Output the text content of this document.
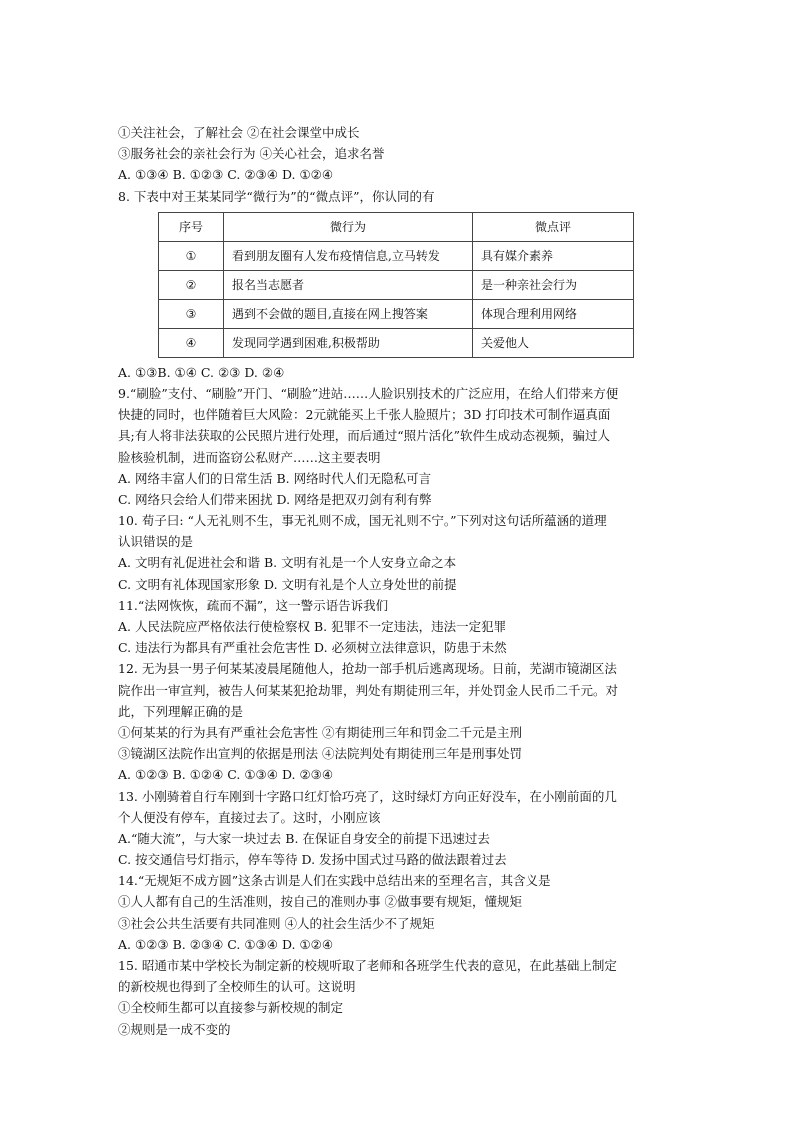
①关注社会，了解社会 ②在社会课堂中成长
③服务社会的亲社会行为 ④关心社会，追求名誉
A. ①③④ B. ①②③ C. ②③④ D. ①②④
8. 下表中对王某某同学“微行为”的“微点评”，你认同的有
序号	微行为	微点评
①	看到朋友圈有人发布疫情信息,立马转发	具有媒介素养
②	报名当志愿者	是一种亲社会行为
③	遇到不会做的题目,直接在网上搜答案	体现合理利用网络
④	发现同学遇到困难,积极帮助	关爱他人
A. ①③B. ①④ C. ②③ D. ②④
9.“刷脸”支付、“刷脸”开门、“刷脸”进站……人脸识别技术的广泛应用，在给人们带来方便
快捷的同时，也伴随着巨大风险：2元就能买上千张人脸照片；3D 打印技术可制作逼真面
具;有人将非法获取的公民照片进行处理，而后通过“照片活化”软件生成动态视频，骗过人
脸核验机制，进而盗窃公私财产……这主要表明
A. 网络丰富人们的日常生活 B. 网络时代人们无隐私可言
C. 网络只会给人们带来困扰 D. 网络是把双刃剑有利有弊
10. 荀子曰: “人无礼则不生，事无礼则不成，国无礼则不宁。”下列对这句话所蕴涵的道理
认识错误的是
A. 文明有礼促进社会和谐 B. 文明有礼是一个人安身立命之本
C. 文明有礼体现国家形象 D. 文明有礼是个人立身处世的前提
11.“法网恢恢，疏而不漏”，这一警示语告诉我们
A. 人民法院应严格依法行使检察权 B. 犯罪不一定违法，违法一定犯罪
C. 违法行为都具有严重社会危害性 D. 必须树立法律意识，防患于未然
12. 无为县一男子何某某凌晨尾随他人，抢劫一部手机后逃离现场。日前，芜湖市镜湖区法
院作出一审宣判，被告人何某某犯抢劫罪，判处有期徒刑三年，并处罚金人民币二千元。对
此，下列理解正确的是
①何某某的行为具有严重社会危害性 ②有期徒刑三年和罚金二千元是主刑
③镜湖区法院作出宣判的依据是刑法 ④法院判处有期徒刑三年是刑事处罚
A. ①②③ B. ①②④ C. ①③④ D. ②③④
13. 小刚骑着自行车刚到十字路口红灯恰巧亮了，这时绿灯方向正好没车，在小刚前面的几
个人便没有停车，直接过去了。这时，小刚应该
A.“随大流”，与大家一块过去 B. 在保证自身安全的前提下迅速过去
C. 按交通信号灯指示，停车等待 D. 发扬中国式过马路的做法跟着过去
14.“无规矩不成方圆”这条古训是人们在实践中总结出来的至理名言，其含义是
①人人都有自己的生活准则，按自己的准则办事 ②做事要有规矩，懂规矩
③社会公共生活要有共同准则 ④人的社会生活少不了规矩
A. ①②③ B. ②③④ C. ①③④ D. ①②④
15. 昭通市某中学校长为制定新的校规听取了老师和各班学生代表的意见，在此基础上制定
的新校规也得到了全校师生的认可。这说明
①全校师生都可以直接参与新校规的制定
②规则是一成不变的
